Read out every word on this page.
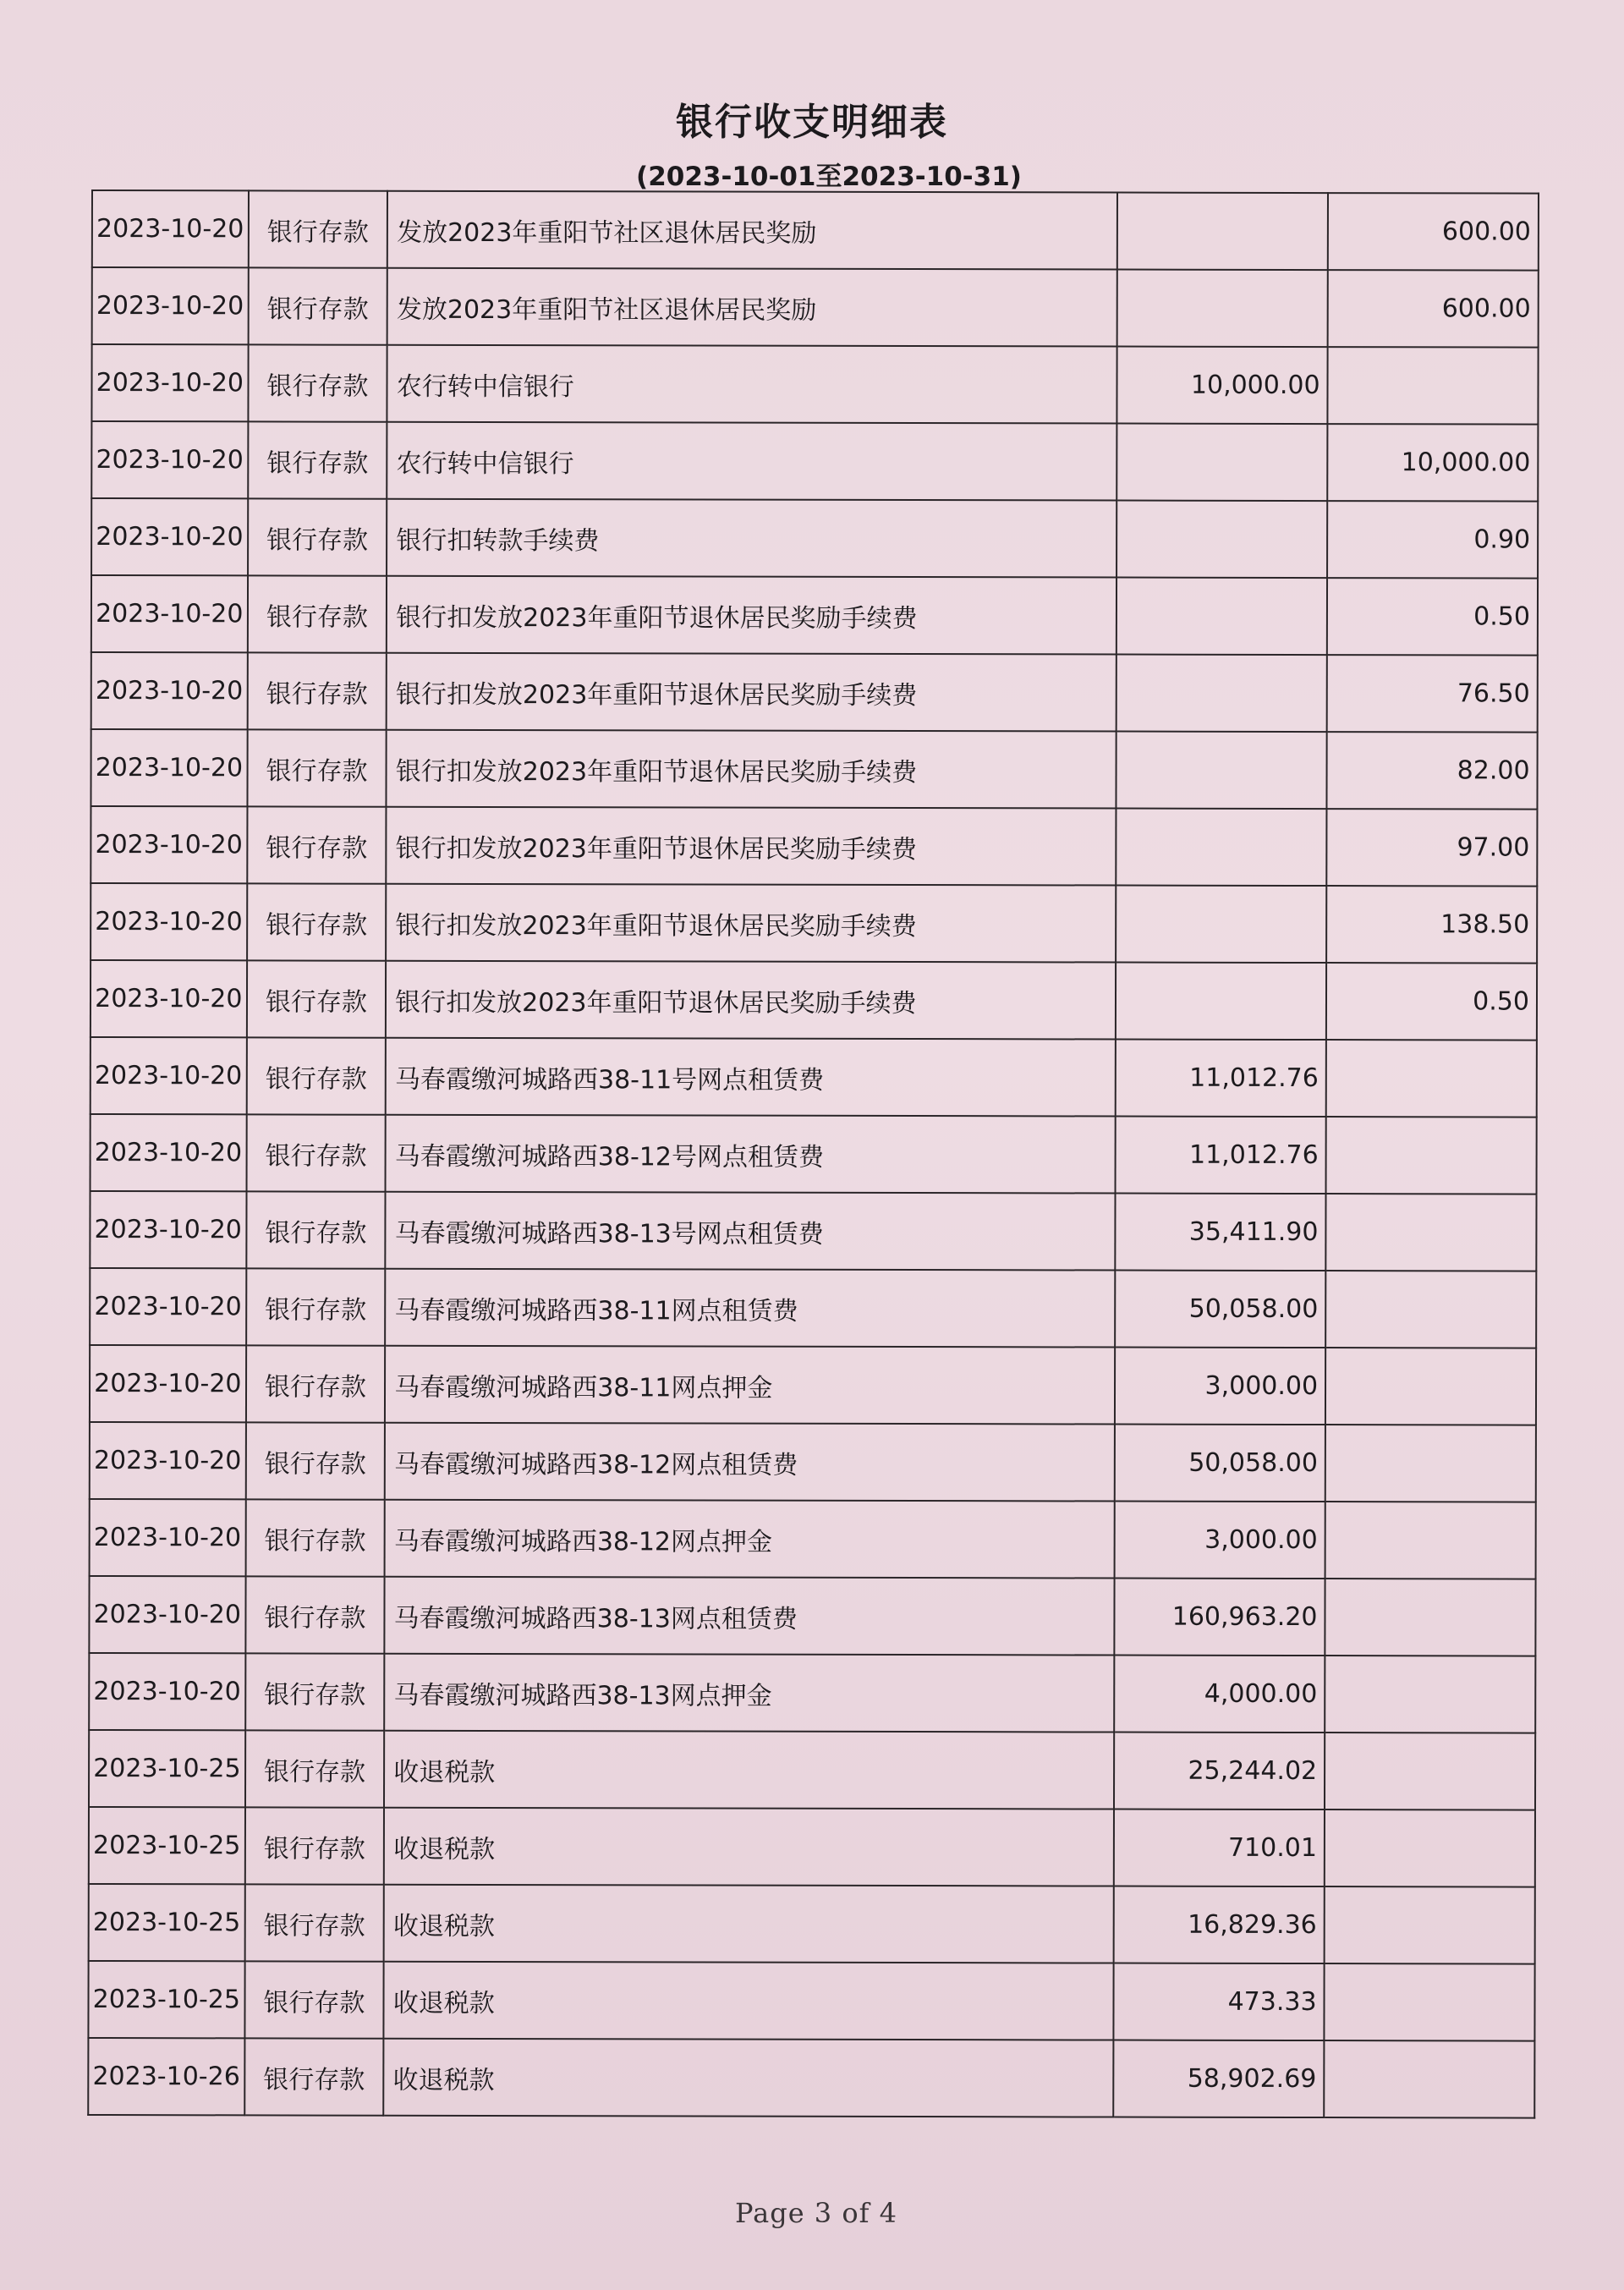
银行收支明细表
(2023-10-01至2023-10-31)
2023-10-20	银行存款	发放2023年重阳节社区退休居民奖励		600.00
2023-10-20	银行存款	发放2023年重阳节社区退休居民奖励		600.00
2023-10-20	银行存款	农行转中信银行	10,000.00	
2023-10-20	银行存款	农行转中信银行		10,000.00
2023-10-20	银行存款	银行扣转款手续费		0.90
2023-10-20	银行存款	银行扣发放2023年重阳节退休居民奖励手续费		0.50
2023-10-20	银行存款	银行扣发放2023年重阳节退休居民奖励手续费		76.50
2023-10-20	银行存款	银行扣发放2023年重阳节退休居民奖励手续费		82.00
2023-10-20	银行存款	银行扣发放2023年重阳节退休居民奖励手续费		97.00
2023-10-20	银行存款	银行扣发放2023年重阳节退休居民奖励手续费		138.50
2023-10-20	银行存款	银行扣发放2023年重阳节退休居民奖励手续费		0.50
2023-10-20	银行存款	马春霞缴河城路西38-11号网点租赁费	11,012.76	
2023-10-20	银行存款	马春霞缴河城路西38-12号网点租赁费	11,012.76	
2023-10-20	银行存款	马春霞缴河城路西38-13号网点租赁费	35,411.90	
2023-10-20	银行存款	马春霞缴河城路西38-11网点租赁费	50,058.00	
2023-10-20	银行存款	马春霞缴河城路西38-11网点押金	3,000.00	
2023-10-20	银行存款	马春霞缴河城路西38-12网点租赁费	50,058.00	
2023-10-20	银行存款	马春霞缴河城路西38-12网点押金	3,000.00	
2023-10-20	银行存款	马春霞缴河城路西38-13网点租赁费	160,963.20	
2023-10-20	银行存款	马春霞缴河城路西38-13网点押金	4,000.00	
2023-10-25	银行存款	收退税款	25,244.02	
2023-10-25	银行存款	收退税款	710.01	
2023-10-25	银行存款	收退税款	16,829.36	
2023-10-25	银行存款	收退税款	473.33	
2023-10-26	银行存款	收退税款	58,902.69	
Page 3 of 4
